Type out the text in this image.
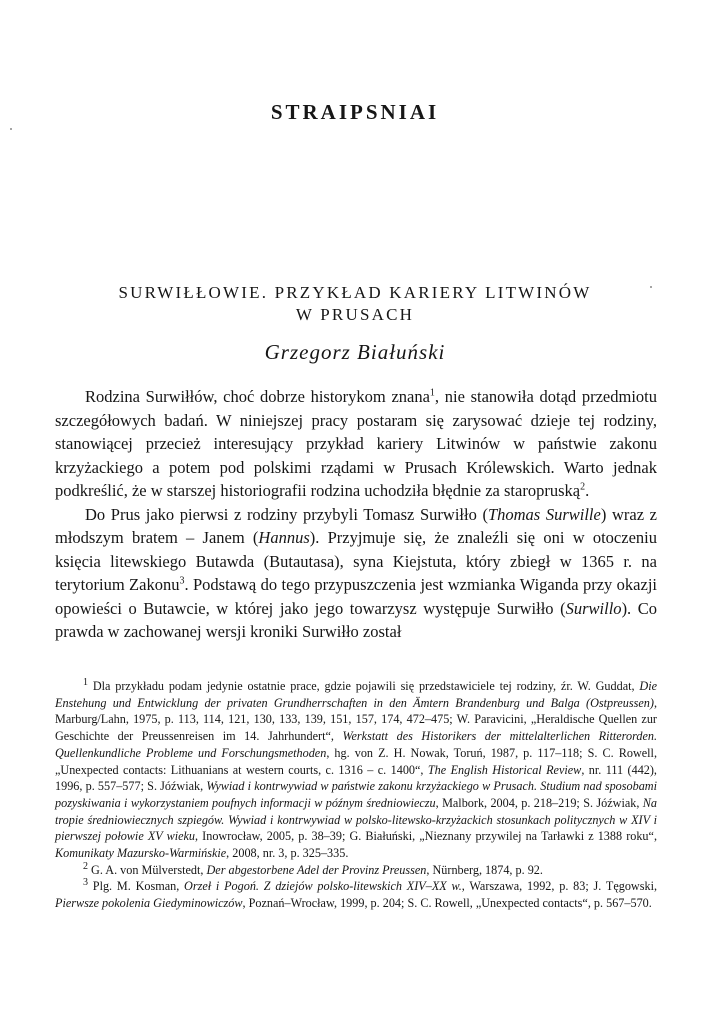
STRAIPSNIAI
SURWIŁŁOWIE. PRZYKŁAD KARIERY LITWINÓW
W PRUSACH
Grzegorz Białuński

Rodzina Surwiłłów, choć dobrze historykom znana$^1$, nie stanowiła dotąd przedmiotu szczegółowych badań. W niniejszej pracy postaram się zarysować dzieje tej rodziny, stanowiącej przecież interesujący przykład kariery Litwinów w państwie zakonu krzyżackiego a potem pod polskimi rządami w Prusach Królewskich. Warto jednak podkreślić, że w starszej historiografii rodzina uchodziła błędnie za staropruską$^2$.

Do Prus jako pierwsi z rodziny przybyli Tomasz Surwiłło (Thomas Surwille) wraz z młodszym bratem – Janem (Hannus). Przyjmuje się, że znaleźli się oni w otoczeniu księcia litewskiego Butawda (Butautasa), syna Kiejstuta, który zbiegł w 1365 r. na terytorium Zakonu$^3$. Podstawą do tego przypuszczenia jest wzmianka Wiganda przy okazji opowieści o Butawcie, w której jako jego towarzysz występuje Surwiłło (Surwillo). Co prawda w zachowanej wersji kroniki Surwiłło został

$^1$ Dla przykładu podam jedynie ostatnie prace, gdzie pojawili się przedstawiciele tej rodziny, źr. W. Guddat, Die Enstehung und Entwicklung der privaten Grundherrschaften in den Ämtern Brandenburg und Balga (Ostpreussen), Marburg/Lahn, 1975, p. 113, 114, 121, 130, 133, 139, 151, 157, 174, 472–475; W. Paravicini, „Heraldische Quellen zur Geschichte der Preussenreisen im 14. Jahrhundert“, Werkstatt des Historikers der mittelalterlichen Ritterorden. Quellenkundliche Probleme und Forschungsmethoden, hg. von Z. H. Nowak, Toruń, 1987, p. 117–118; S. C. Rowell, „Unexpected contacts: Lithuanians at western courts, c. 1316 – c. 1400“, The English Historical Review, nr. 111 (442), 1996, p. 557–577; S. Jóźwiak, Wywiad i kontrwywiad w państwie zakonu krzyżackiego w Prusach. Studium nad sposobami pozyskiwania i wykorzystaniem poufnych informacji w późnym średniowieczu, Malbork, 2004, p. 218–219; S. Jóźwiak, Na tropie średniowiecznych szpiegów. Wywiad i kontrwywiad w polsko-litewsko-krzyżackich stosunkach politycznych w XIV i pierwszej połowie XV wieku, Inowrocław, 2005, p. 38–39; G. Białuński, „Nieznany przywilej na Tarławki z 1388 roku“, Komunikaty Mazursko-Warmińskie, 2008, nr. 3, p. 325–335.

$^2$ G. A. von Mülverstedt, Der abgestorbene Adel der Provinz Preussen, Nürnberg, 1874, p. 92.

$^3$ Plg. M. Kosman, Orzeł i Pogoń. Z dziejów polsko-litewskich XIV–XX w., Warszawa, 1992, p. 83; J. Tęgowski, Pierwsze pokolenia Giedyminowiczów, Poznań–Wrocław, 1999, p. 204; S. C. Rowell, „Unexpected contacts“, p. 567–570.
